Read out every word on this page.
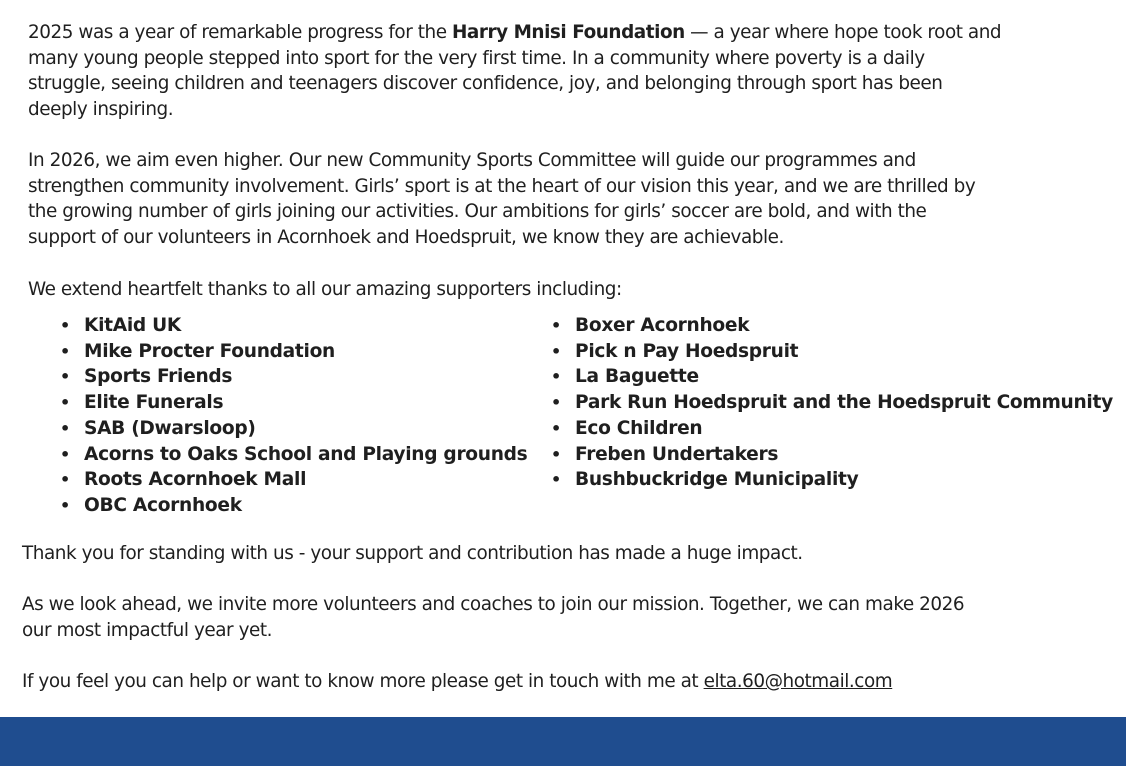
2025 was a year of remarkable progress for the Harry Mnisi Foundation — a year where hope took root and
many young people stepped into sport for the very first time. In a community where poverty is a daily
struggle, seeing children and teenagers discover confidence, joy, and belonging through sport has been
deeply inspiring.

In 2026, we aim even higher. Our new Community Sports Committee will guide our programmes and
strengthen community involvement. Girls’ sport is at the heart of our vision this year, and we are thrilled by
the growing number of girls joining our activities. Our ambitions for girls’ soccer are bold, and with the
support of our volunteers in Acornhoek and Hoedspruit, we know they are achievable.

We extend heartfelt thanks to all our amazing supporters including:

• KitAid UK
• Mike Procter Foundation
• Sports Friends
• Elite Funerals
• SAB (Dwarsloop)
• Acorns to Oaks School and Playing grounds
• Roots Acornhoek Mall
• OBC Acornhoek
• Boxer Acornhoek
• Pick n Pay Hoedspruit
• La Baguette
• Park Run Hoedspruit and the Hoedspruit Community
• Eco Children
• Freben Undertakers
• Bushbuckridge Municipality

Thank you for standing with us - your support and contribution has made a huge impact.

As we look ahead, we invite more volunteers and coaches to join our mission. Together, we can make 2026
our most impactful year yet.

If you feel you can help or want to know more please get in touch with me at elta.60@hotmail.com
